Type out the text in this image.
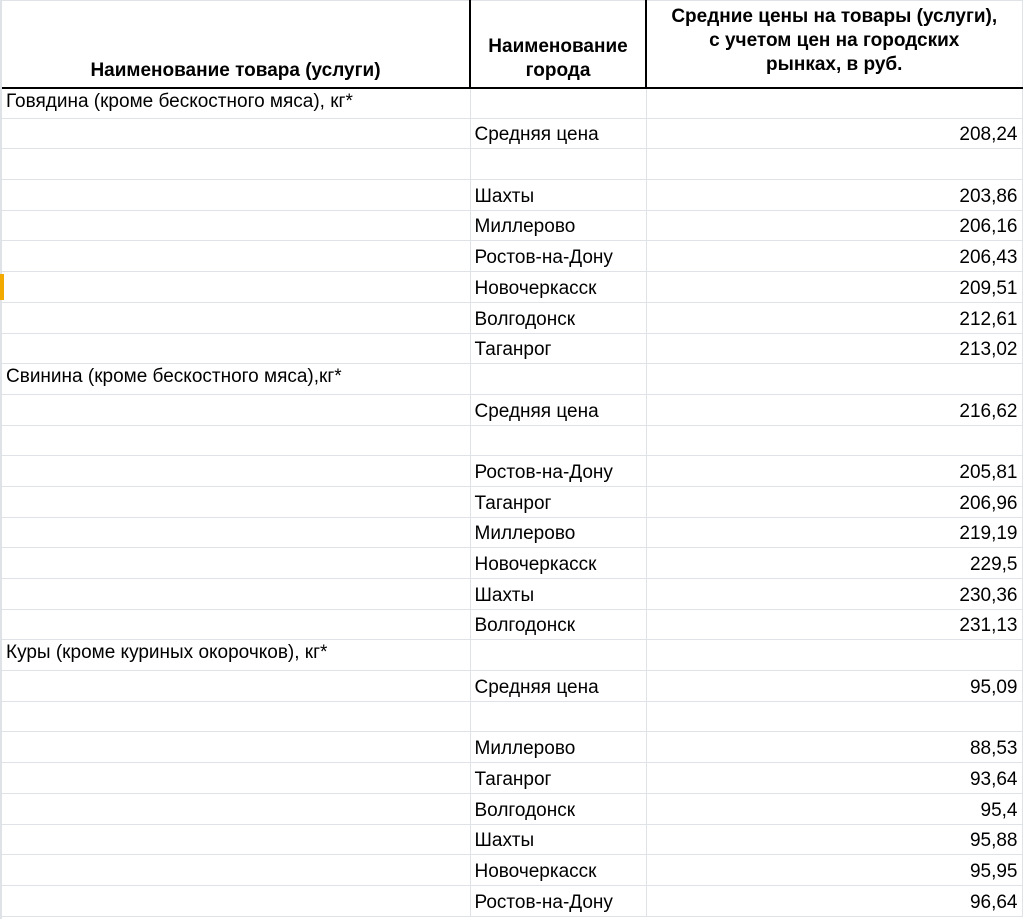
Наименование товара (услуги)	Наименование города	Средние цены на товары (услуги),
с учетом цен на городских
рынках, в руб.
Говядина (кроме бескостного мяса), кг*		
	Средняя цена	208,24

	Шахты	203,86
	Миллерово	206,16
	Ростов-на-Дону	206,43
	Новочеркасск	209,51
	Волгодонск	212,61
	Таганрог	213,02
Свинина (кроме бескостного мяса),кг*		
	Средняя цена	216,62

	Ростов-на-Дону	205,81
	Таганрог	206,96
	Миллерово	219,19
	Новочеркасск	229,5
	Шахты	230,36
	Волгодонск	231,13
Куры (кроме куриных окорочков), кг*		
	Средняя цена	95,09

	Миллерово	88,53
	Таганрог	93,64
	Волгодонск	95,4
	Шахты	95,88
	Новочеркасск	95,95
	Ростов-на-Дону	96,64
